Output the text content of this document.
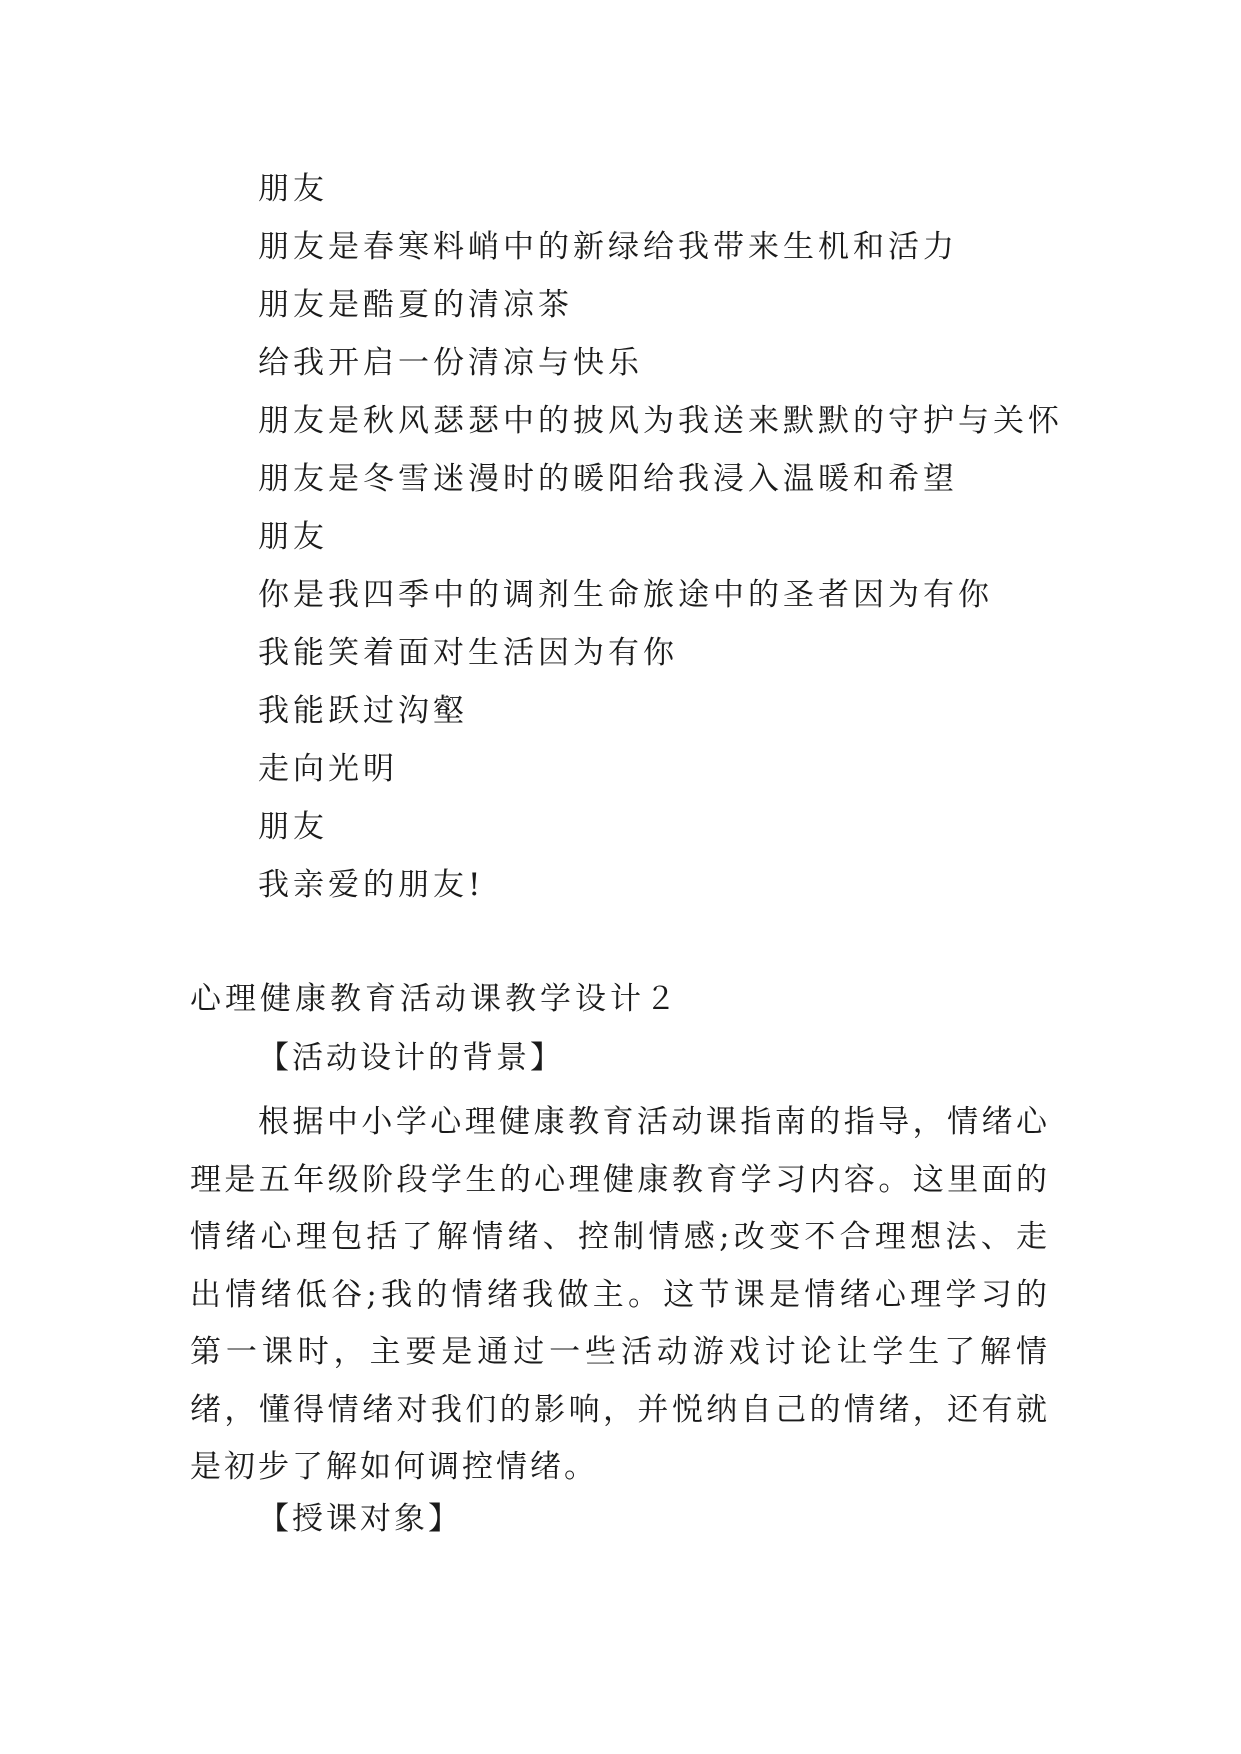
朋友
朋友是春寒料峭中的新绿给我带来生机和活力
朋友是酷夏的清凉茶
给我开启一份清凉与快乐
朋友是秋风瑟瑟中的披风为我送来默默的守护与关怀
朋友是冬雪迷漫时的暖阳给我浸入温暖和希望
朋友
你是我四季中的调剂生命旅途中的圣者因为有你
我能笑着面对生活因为有你
我能跃过沟壑
走向光明
朋友
我亲爱的朋友!
心理健康教育活动课教学设计２
【活动设计的背景】

根据中小学心理健康教育活动课指南的指导，情绪心理是五年级阶段学生的心理健康教育学习内容。这里面的情绪心理包括了解情绪、控制情感;改变不合理想法、走出情绪低谷;我的情绪我做主。这节课是情绪心理学习的第一课时，主要是通过一些活动游戏讨论让学生了解情绪，懂得情绪对我们的影响，并悦纳自己的情绪，还有就是初步了解如何调控情绪。

【授课对象】
